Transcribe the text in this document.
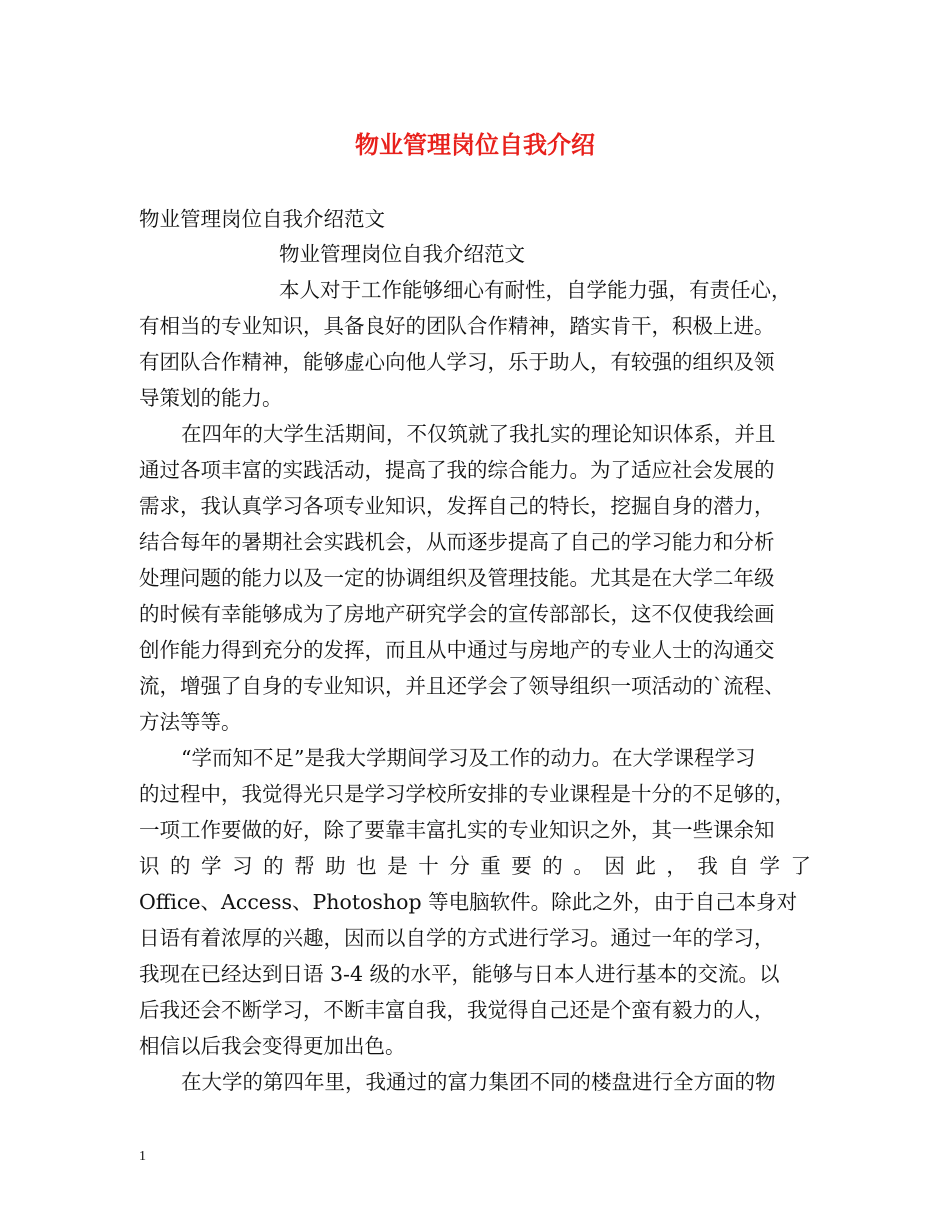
物业管理岗位自我介绍

物业管理岗位自我介绍范文

物业管理岗位自我介绍范文

本人对于工作能够细心有耐性，自学能力强，有责任心，

有相当的专业知识，具备良好的团队合作精神，踏实肯干，积极上进。

有团队合作精神，能够虚心向他人学习，乐于助人，有较强的组织及领

导策划的能力。

在四年的大学生活期间，不仅筑就了我扎实的理论知识体系，并且

通过各项丰富的实践活动，提高了我的综合能力。为了适应社会发展的

需求，我认真学习各项专业知识，发挥自己的特长，挖掘自身的潜力，

结合每年的暑期社会实践机会，从而逐步提高了自己的学习能力和分析

处理问题的能力以及一定的协调组织及管理技能。尤其是在大学二年级

的时候有幸能够成为了房地产研究学会的宣传部部长，这不仅使我绘画

创作能力得到充分的发挥，而且从中通过与房地产的专业人士的沟通交

流，增强了自身的专业知识，并且还学会了领导组织一项活动的`流程、

方法等等。

“学而知不足”是我大学期间学习及工作的动力。在大学课程学习

的过程中，我觉得光只是学习学校所安排的专业课程是十分的不足够的，

一项工作要做的好，除了要靠丰富扎实的专业知识之外，其一些课余知

识 的 学 习 的 帮 助 也 是 十 分 重 要 的 。 因 此 ， 我 自 学 了

Office、Access、Photoshop 等电脑软件。除此之外，由于自己本身对

日语有着浓厚的兴趣，因而以自学的方式进行学习。通过一年的学习，

我现在已经达到日语 3-4 级的水平，能够与日本人进行基本的交流。以

后我还会不断学习，不断丰富自我，我觉得自己还是个蛮有毅力的人，

相信以后我会变得更加出色。

在大学的第四年里，我通过的富力集团不同的楼盘进行全方面的物

1
